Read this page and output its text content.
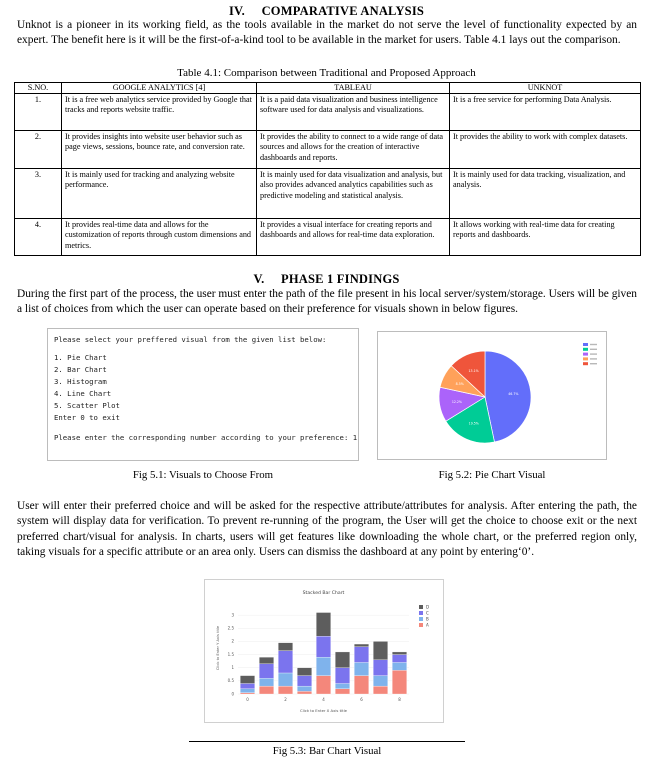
IV.     COMPARATIVE ANALYSIS
Unknot is a pioneer in its working field, as the tools available in the market do not serve the level of functionality expected by an expert. The benefit here is it will be the first-of-a-kind tool to be available in the market for users. Table 4.1 lays out the comparison.
Table 4.1: Comparison between Traditional and Proposed Approach
S.NO.	GOOGLE ANALYTICS [4]	TABLEAU	UNKNOT
1.	It is a free web analytics service provided by Google that tracks and reports website traffic.	It is a paid data visualization and business intelligence software used for data analysis and visualizations.	It is a free service for performing Data Analysis.
2.	It provides insights into website user behavior such as page views, sessions, bounce rate, and conversion rate.	It provides the ability to connect to a wide range of data sources and allows for the creation of interactive dashboards and reports.	It provides the ability to work with complex datasets.
3.	It is mainly used for tracking and analyzing website performance.	It is mainly used for data visualization and analysis, but also provides advanced analytics capabilities such as predictive modeling and statistical analysis.	It is mainly used for data tracking, visualization, and analysis.
4.	It provides real-time data and allows for the customization of reports through custom dimensions and metrics.	It provides a visual interface for creating reports and dashboards and allows for real-time data exploration.	It allows working with real-time data for creating reports and dashboards.
V.     PHASE 1 FINDINGS
During the first part of the process, the user must enter the path of the file present in his local server/system/storage. Users will be given a list of choices from which the user can operate based on their preference for visuals shown in below figures.
Please select your preffered visual from the given list below:
1. Pie Chart
2. Bar Chart
3. Histogram
4. Line Chart
5. Scatter Plot
Enter 0 to exit
Please enter the corresponding number according to your preference: 1
Fig 5.1: Visuals to Choose From
46.7%
19.5%
12.2%
8.5%
13.1%
Fig 5.2: Pie Chart Visual
User will enter their preferred choice and will be asked for the respective attribute/attributes for analysis. After entering the path, the system will display data for verification. To prevent re-running of the program, the User will get the choice to choose exit or the next preferred chart/visual for analysis. In charts, users will get features like downloading the whole chart, or the preferred region only, taking visuals for a specific attribute or an area only. Users can dismiss the dashboard at any point by entering‘0’.
0
0.5
1
1.5
2
2.5
3
0	2	4	6	8
Stacked Bar Chart
Click to Enter X Axis title
Click to Enter Y Axis title
D
C
B
A
Fig 5.3: Bar Chart Visual
